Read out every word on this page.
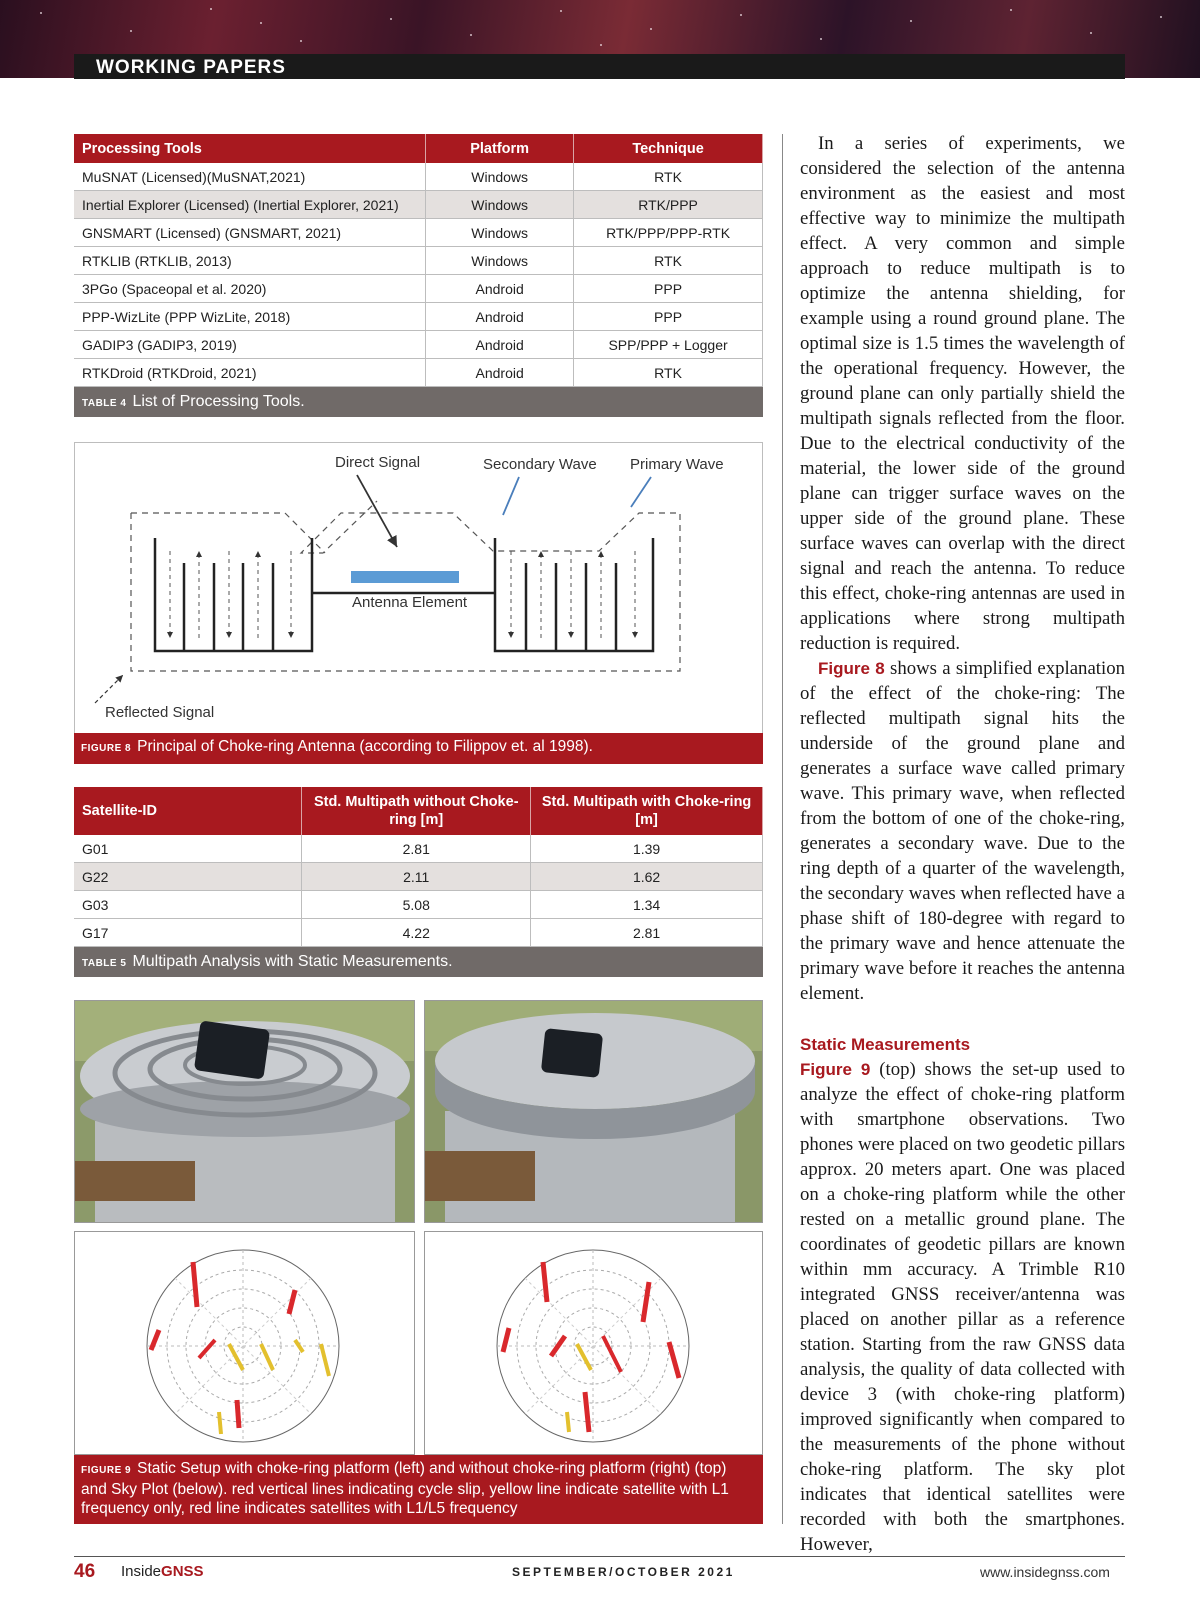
WORKING PAPERS
Processing Tools	Platform	Technique
MuSNAT (Licensed)(MuSNAT,2021)	Windows	RTK
Inertial Explorer (Licensed) (Inertial Explorer, 2021)	Windows	RTK/PPP
GNSMART (Licensed) (GNSMART, 2021)	Windows	RTK/PPP/PPP-RTK
RTKLIB (RTKLIB, 2013)	Windows	RTK
3PGo (Spaceopal et al. 2020)	Android	PPP
PPP-WizLite (PPP WizLite, 2018)	Android	PPP
GADIP3 (GADIP3, 2019)	Android	SPP/PPP + Logger
RTKDroid (RTKDroid, 2021)	Android	RTK
TABLE 4 List of Processing Tools.		
Direct Signal	Secondary Wave Primary Wave
Antenna Element
Reflected Signal
FIGURE 8 Principal of Choke-ring Antenna (according to Filippov et. al 1998).
Satellite-ID	Std. Multipath without Choke-ring [m]	Std. Multipath with Choke-ring [m]
G01	2.81	1.39
G22	2.11	1.62
G03	5.08	1.34
G17	4.22	2.81
TABLE 5 Multipath Analysis with Static Measurements.		
FIGURE 9 Static Setup with choke-ring platform (left) and without choke-ring platform (right) (top) and Sky Plot (below). red vertical lines indicating cycle slip, yellow line indicate satellite with L1 frequency only, red line indicates satellites with L1/L5 frequency

In a series of experiments, we considered the selection of the antenna environment as the easiest and most effective way to minimize the multipath effect. A very common and simple approach to reduce multipath is to optimize the antenna shielding, for example using a round ground plane. The optimal size is 1.5 times the wavelength of the operational frequency. However, the ground plane can only partially shield the multipath signals reflected from the floor. Due to the electrical conductivity of the material, the lower side of the ground plane can trigger surface waves on the upper side of the ground plane. These surface waves can overlap with the direct signal and reach the antenna. To reduce this effect, choke-ring antennas are used in applications where strong multipath reduction is required.

Figure 8 shows a simplified explanation of the effect of the choke-ring: The reflected multipath signal hits the underside of the ground plane and generates a surface wave called primary wave. This primary wave, when reflected from the bottom of one of the choke-ring, generates a secondary wave. Due to the ring depth of a quarter of the wavelength, the secondary waves when reflected have a phase shift of 180-degree with regard to the primary wave and hence attenuate the primary wave before it reaches the antenna element.

Static Measurements

Figure 9 (top) shows the set-up used to analyze the effect of choke-ring platform with smartphone observations. Two phones were placed on two geodetic pillars approx. 20 meters apart. One was placed on a choke-ring platform while the other rested on a metallic ground plane. The coordinates of geodetic pillars are known within mm accuracy. A Trimble R10 integrated GNSS receiver/antenna was placed on another pillar as a reference station. Starting from the raw GNSS data analysis, the quality of data collected with device 3 (with choke-ring platform) improved significantly when compared to the measurements of the phone without choke-ring platform. The sky plot indicates that identical satellites were recorded with both the smartphones. However,

46 InsideGNSS	SEPTEMBER/OCTOBER 2021	www.insidegnss.com
